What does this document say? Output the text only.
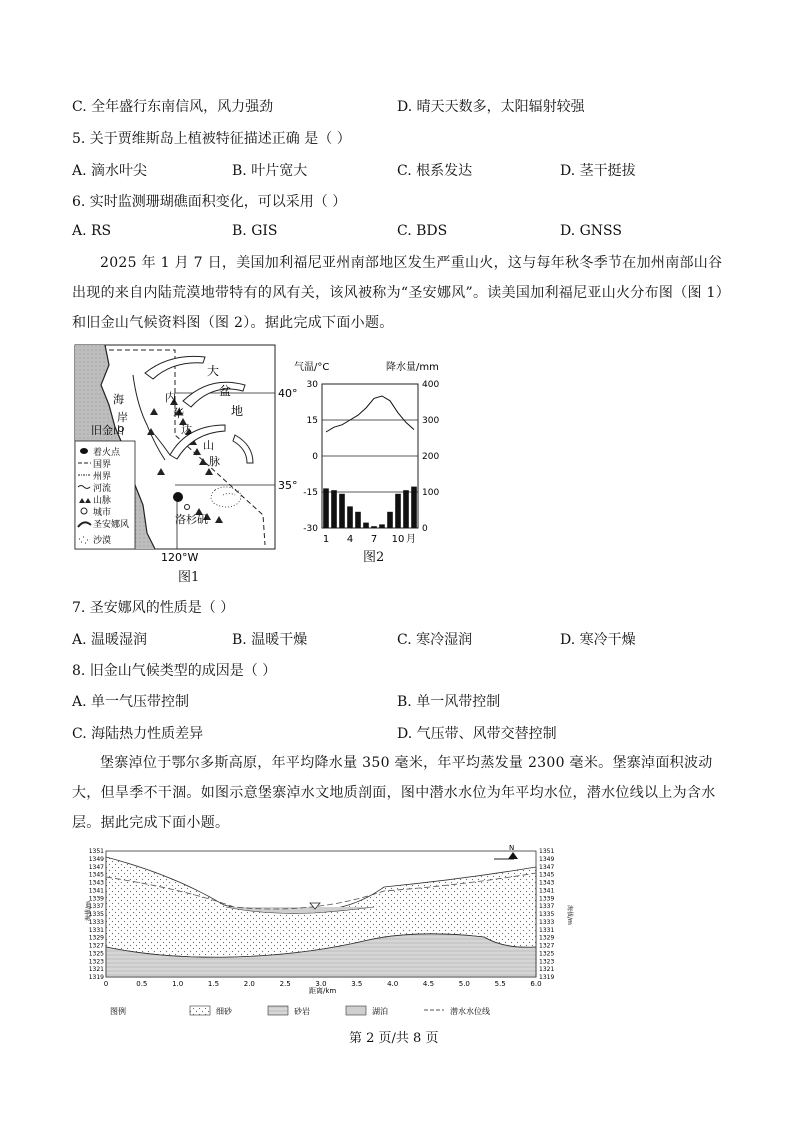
C. 全年盛行东南信风，风力强劲	D. 晴天天数多，太阳辐射较强
5. 关于贾维斯岛上植被特征描述正确 是（ ）
A. 滴水叶尖	B. 叶片宽大	C. 根系发达	D. 茎干挺拔
6. 实时监测珊瑚礁面积变化，可以采用（ ）
A. RS	B. GIS	C. BDS	D. GNSS
2025 年 1 月 7 日，美国加利福尼亚州南部地区发生严重山火，这与每年秋冬季节在加州南部山谷出现的来自内陆荒漠地带特有的风有关，该风被称为“圣安娜风”。读美国加利福尼亚山火分布图（图 1）和旧金山气候资料图（图 2）。据此完成下面小题。
大
盆
地
海
岸
内
华
达
山
脉
旧金山
洛杉矶
40°
35°
120°W
着火点
国界
州界
河流
山脉
城市
圣安娜风
沙漠
图1
气温/°C	降水量/mm
30
15
0
-15
-30
400
300
200
100
0
1 4 7 10 月
图2
7. 圣安娜风的性质是（ ）
A. 温暖湿润	B. 温暖干燥	C. 寒冷湿润	D. 寒冷干燥
8. 旧金山气候类型的成因是（ ）
A. 单一气压带控制	B. 单一风带控制
C. 海陆热力性质差异	D. 气压带、风带交替控制
堡寨淖位于鄂尔多斯高原，年平均降水量 350 毫米，年平均蒸发量 2300 毫米。堡寨淖面积波动大，但旱季不干涸。如图示意堡寨淖水文地质剖面，图中潜水水位为年平均水位，潜水位线以上为含水层。据此完成下面小题。
1351
1349
1347
1345
1343
1341
1339
1337
1335
1333
1331
1329
1327
1325
1323
1321
1319
1351
1349
1347
1345
1343
1341
1339
1337
1335
1333
1331
1329
1327
1325
1323
1321
1319
0	0.5	1.0	1.5	2.0	2.5	3.0	3.5	4.0	4.5	5.0	5.5	6.0
海拔/m	海拔/m
距离/km
N
图例	细砂	砂岩	湖泊	潜水水位线
第 2 页/共 8 页
